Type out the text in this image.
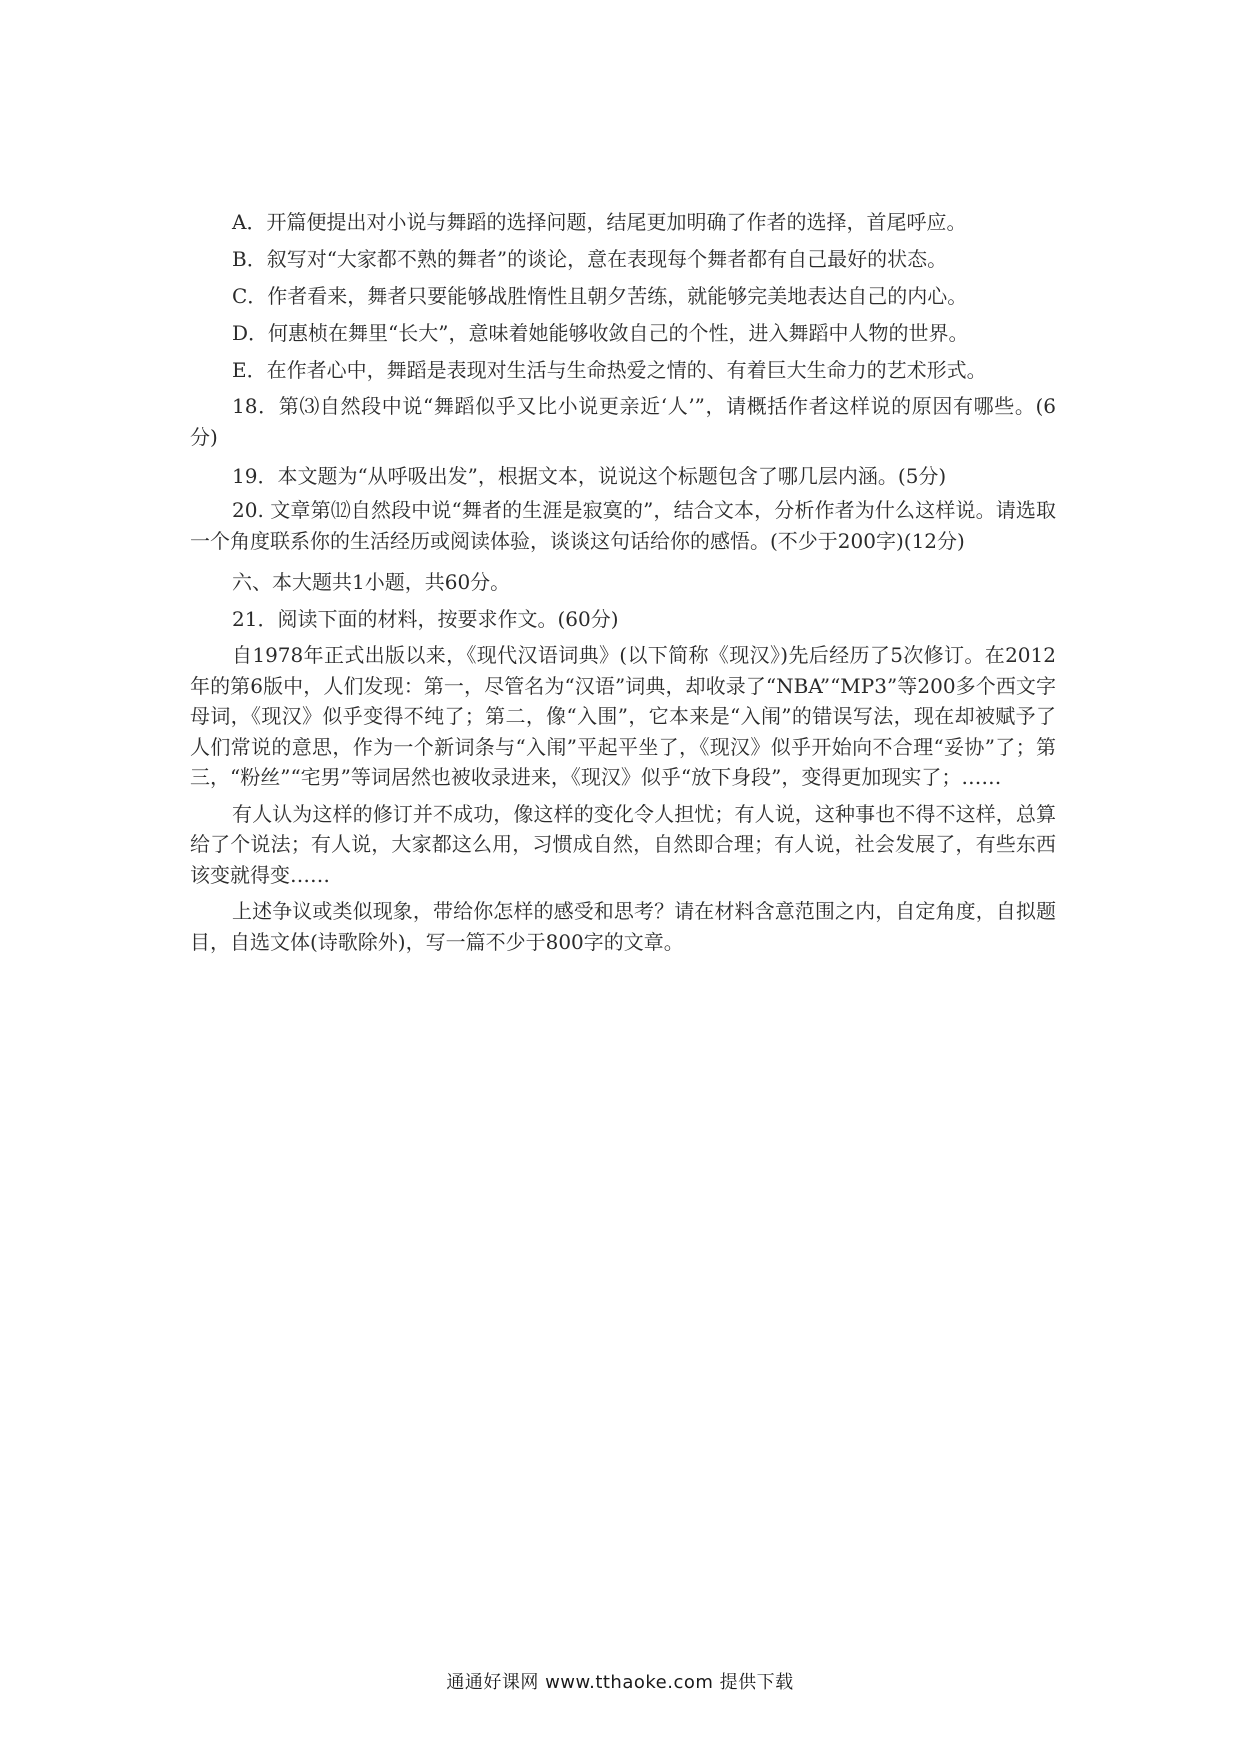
A．开篇便提出对小说与舞蹈的选择问题，结尾更加明确了作者的选择，首尾呼应。
B．叙写对“大家都不熟的舞者”的谈论，意在表现每个舞者都有自己最好的状态。
C．作者看来，舞者只要能够战胜惰性且朝夕苦练，就能够完美地表达自己的内心。
D．何惠桢在舞里“长大”，意味着她能够收敛自己的个性，进入舞蹈中人物的世界。
E．在作者心中，舞蹈是表现对生活与生命热爱之情的、有着巨大生命力的艺术形式。
18．第⑶自然段中说“舞蹈似乎又比小说更亲近‘人’”，请概括作者这样说的原因有哪些。(6分)
19．本文题为“从呼吸出发”，根据文本，说说这个标题包含了哪几层内涵。(5分)
20. 文章第⑿自然段中说“舞者的生涯是寂寞的”，结合文本，分析作者为什么这样说。请选取一个角度联系你的生活经历或阅读体验，谈谈这句话给你的感悟。(不少于200字)(12分)
六、本大题共1小题，共60分。
21．阅读下面的材料，按要求作文。(60分)
自1978年正式出版以来，《现代汉语词典》(以下简称《现汉》)先后经历了5次修订。在2012年的第6版中，人们发现：第一，尽管名为“汉语”词典，却收录了“NBA”“MP3”等200多个西文字母词，《现汉》似乎变得不纯了；第二，像“入围”，它本来是“入闱”的错误写法，现在却被赋予了人们常说的意思，作为一个新词条与“入闱”平起平坐了，《现汉》似乎开始向不合理“妥协”了；第三，“粉丝”“宅男”等词居然也被收录进来，《现汉》似乎“放下身段”，变得更加现实了；……
有人认为这样的修订并不成功，像这样的变化令人担忧；有人说，这种事也不得不这样，总算给了个说法；有人说，大家都这么用，习惯成自然，自然即合理；有人说，社会发展了，有些东西该变就得变……
上述争议或类似现象，带给你怎样的感受和思考？请在材料含意范围之内，自定角度，自拟题目，自选文体(诗歌除外)，写一篇不少于800字的文章。
通通好课网 www.tthaoke.com 提供下载
